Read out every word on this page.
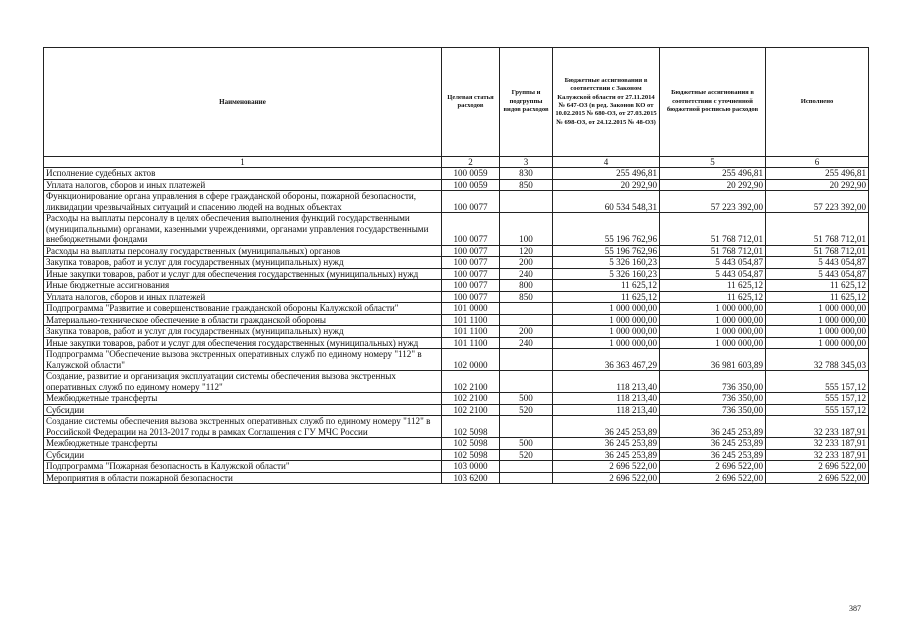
Наименование	Целевая статья расходов	Группы и подгруппы видов расходов	Бюджетные ассигнования в соответствии с Законом Калужской области от 27.11.2014 № 647-ОЗ (в ред. Законов КО от 10.02.2015 № 680-ОЗ, от 27.03.2015 № 698-ОЗ, от 24.12.2015 № 48-ОЗ)	Бюджетные ассигнования в соответствии с уточненной бюджетной росписью расходов	Исполнено
1	2	3	4	5	6
Исполнение судебных актов	100 0059	830	255 496,81	255 496,81	255 496,81
Уплата налогов, сборов и иных платежей	100 0059	850	20 292,90	20 292,90	20 292,90
Функционирование органа управления в сфере гражданской обороны, пожарной безопасности, ликвидации чрезвычайных ситуаций и спасению людей на водных объектах	100 0077		60 534 548,31	57 223 392,00	57 223 392,00
Расходы на выплаты персоналу в целях обеспечения выполнения функций государственными (муниципальными) органами, казенными учреждениями, органами управления государственными внебюджетными фондами	100 0077	100	55 196 762,96	51 768 712,01	51 768 712,01
Расходы на выплаты персоналу государственных (муниципальных) органов	100 0077	120	55 196 762,96	51 768 712,01	51 768 712,01
Закупка товаров, работ и услуг для государственных (муниципальных) нужд	100 0077	200	5 326 160,23	5 443 054,87	5 443 054,87
Иные закупки товаров, работ и услуг для обеспечения государственных (муниципальных) нужд	100 0077	240	5 326 160,23	5 443 054,87	5 443 054,87
Иные бюджетные ассигнования	100 0077	800	11 625,12	11 625,12	11 625,12
Уплата налогов, сборов и иных платежей	100 0077	850	11 625,12	11 625,12	11 625,12
Подпрограмма "Развитие и совершенствование гражданской обороны Калужской области"	101 0000		1 000 000,00	1 000 000,00	1 000 000,00
Материально-техническое обеспечение в области гражданской обороны	101 1100		1 000 000,00	1 000 000,00	1 000 000,00
Закупка товаров, работ и услуг для государственных (муниципальных) нужд	101 1100	200	1 000 000,00	1 000 000,00	1 000 000,00
Иные закупки товаров, работ и услуг для обеспечения государственных (муниципальных) нужд	101 1100	240	1 000 000,00	1 000 000,00	1 000 000,00
Подпрограмма "Обеспечение вызова экстренных оперативных служб по единому номеру "112" в Калужской области"	102 0000		36 363 467,29	36 981 603,89	32 788 345,03
Создание, развитие и организация эксплуатации системы обеспечения вызова экстренных оперативных служб по единому номеру "112"	102 2100		118 213,40	736 350,00	555 157,12
Межбюджетные трансферты	102 2100	500	118 213,40	736 350,00	555 157,12
Субсидии	102 2100	520	118 213,40	736 350,00	555 157,12
Создание системы обеспечения вызова экстренных оперативных служб по единому номеру "112" в Российской Федерации на 2013-2017 годы в рамках Соглашения с ГУ МЧС России	102 5098		36 245 253,89	36 245 253,89	32 233 187,91
Межбюджетные трансферты	102 5098	500	36 245 253,89	36 245 253,89	32 233 187,91
Субсидии	102 5098	520	36 245 253,89	36 245 253,89	32 233 187,91
Подпрограмма "Пожарная безопасность в Калужской области"	103 0000		2 696 522,00	2 696 522,00	2 696 522,00
Мероприятия в области пожарной безопасности	103 6200		2 696 522,00	2 696 522,00	2 696 522,00
387
